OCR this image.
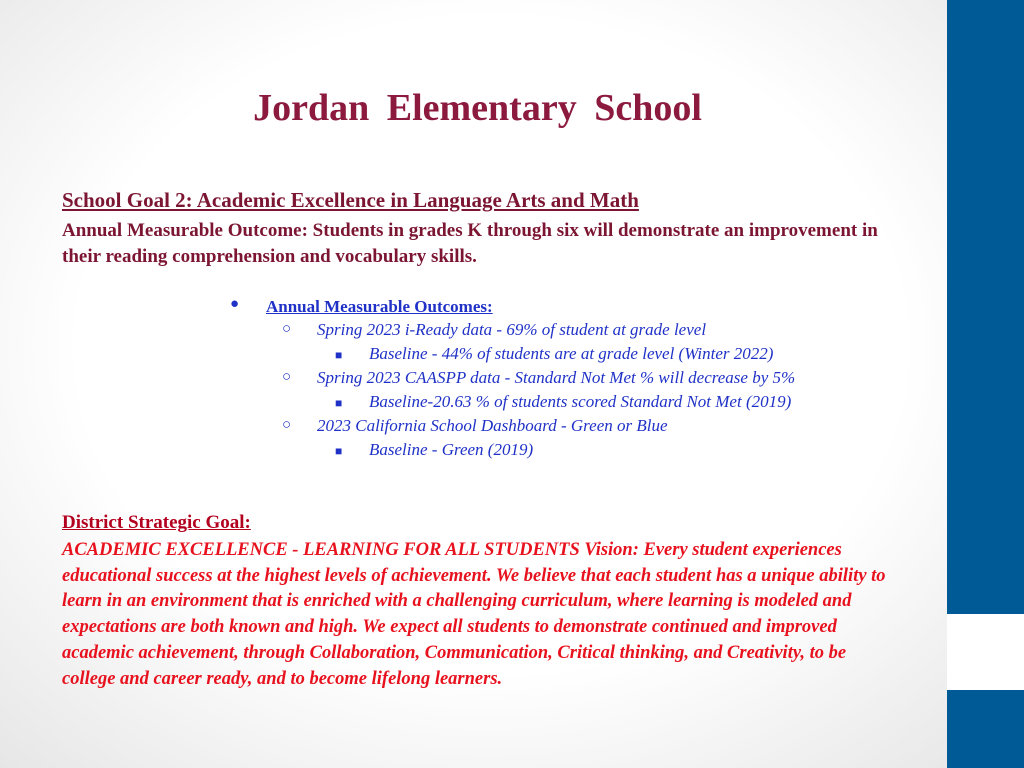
Jordan Elementary School
School Goal 2: Academic Excellence in Language Arts and Math
Annual Measurable Outcome: Students in grades K through six will demonstrate an improvement in their reading comprehension and vocabulary skills.
● Annual Measurable Outcomes:
○ Spring 2023 i-Ready data - 69% of student at grade level
■ Baseline - 44% of students are at grade level (Winter 2022)
○ Spring 2023 CAASPP data - Standard Not Met % will decrease by 5%
■ Baseline-20.63 % of students scored Standard Not Met (2019)
○ 2023 California School Dashboard - Green or Blue
■ Baseline - Green (2019)
District Strategic Goal:
ACADEMIC EXCELLENCE - LEARNING FOR ALL STUDENTS Vision: Every student experiences educational success at the highest levels of achievement. We believe that each student has a unique ability to learn in an environment that is enriched with a challenging curriculum, where learning is modeled and expectations are both known and high. We expect all students to demonstrate continued and improved academic achievement, through Collaboration, Communication, Critical thinking, and Creativity, to be college and career ready, and to become lifelong learners.
